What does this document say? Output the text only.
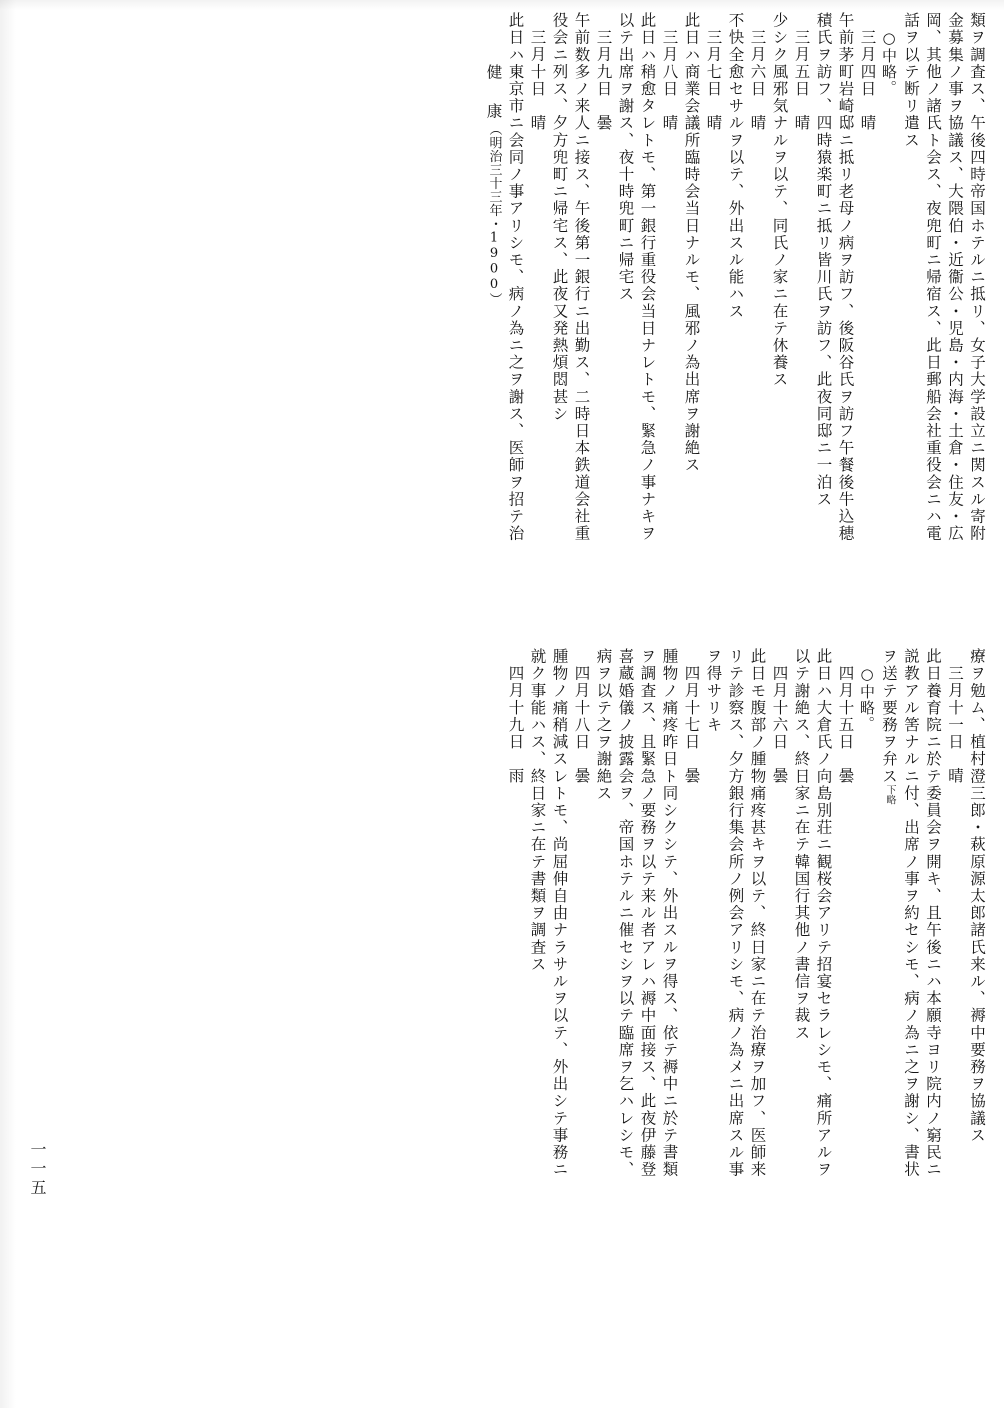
類ヲ調査ス、午後四時帝国ホテルニ抵リ、女子大学設立ニ関スル寄附
金募集ノ事ヲ協議ス、大隈伯・近衞公・児島・内海・土倉・住友・広
岡、其他ノ諸氏ト会ス、夜兜町ニ帰宿ス、此日郵船会社重役会ニハ電
話ヲ以テ断リ遣ス
○中略。
三月四日　晴
午前茅町岩崎邸ニ抵リ老母ノ病ヲ訪フ、後阪谷氏ヲ訪フ午餐後牛込穂
積氏ヲ訪フ、四時猿楽町ニ抵リ皆川氏ヲ訪フ、此夜同邸ニ一泊ス
三月五日　晴
少シク風邪気ナルヲ以テ、同氏ノ家ニ在テ休養ス
三月六日　晴
不快全愈セサルヲ以テ、外出スル能ハス
三月七日　晴
此日ハ商業会議所臨時会当日ナルモ、風邪ノ為出席ヲ謝絶ス
三月八日　晴
此日ハ稍愈タレトモ、第一銀行重役会当日ナレトモ、緊急ノ事ナキヲ
以テ出席ヲ謝ス、夜十時兜町ニ帰宅ス
三月九日　曇
午前数多ノ来人ニ接ス、午後第一銀行ニ出勤ス、二時日本鉄道会社重
役会ニ列ス、夕方兜町ニ帰宅ス、此夜又発熱煩悶甚シ
三月十日　晴
此日ハ東京市ニ会同ノ事アリシモ、病ノ為ニ之ヲ謝ス、医師ヲ招テ治
健　康（明治三十三年・1900）
療ヲ勉ム、植村澄三郎・萩原源太郎諸氏来ル、褥中要務ヲ協議ス
三月十一日　晴
此日養育院ニ於テ委員会ヲ開キ、且午後ニハ本願寺ヨリ院内ノ窮民ニ
説教アル筈ナルニ付、出席ノ事ヲ約セシモ、病ノ為ニ之ヲ謝シ、書状
ヲ送テ要務ヲ弁ス下略
○中略。
四月十五日　曇
此日ハ大倉氏ノ向島別荘ニ観桜会アリテ招宴セラレシモ、痛所アルヲ
以テ謝絶ス、終日家ニ在テ韓国行其他ノ書信ヲ裁ス
四月十六日　曇
此日モ腹部ノ腫物痛疼甚キヲ以テ、終日家ニ在テ治療ヲ加フ、医師来
リテ診察ス、夕方銀行集会所ノ例会アリシモ、病ノ為メニ出席スル事
ヲ得サリキ
四月十七日　曇
腫物ノ痛疼昨日ト同シクシテ、外出スルヲ得ス、依テ褥中ニ於テ書類
ヲ調査ス、且緊急ノ要務ヲ以テ来ル者アレハ褥中面接ス、此夜伊藤登
喜蔵婚儀ノ披露会ヲ、帝国ホテルニ催セシヲ以テ臨席ヲ乞ハレシモ、
病ヲ以テ之ヲ謝絶ス
四月十八日　曇
腫物ノ痛稍減スレトモ、尚屈伸自由ナラサルヲ以テ、外出シテ事務ニ
就ク事能ハス、終日家ニ在テ書類ヲ調査ス
四月十九日　雨
一一五
